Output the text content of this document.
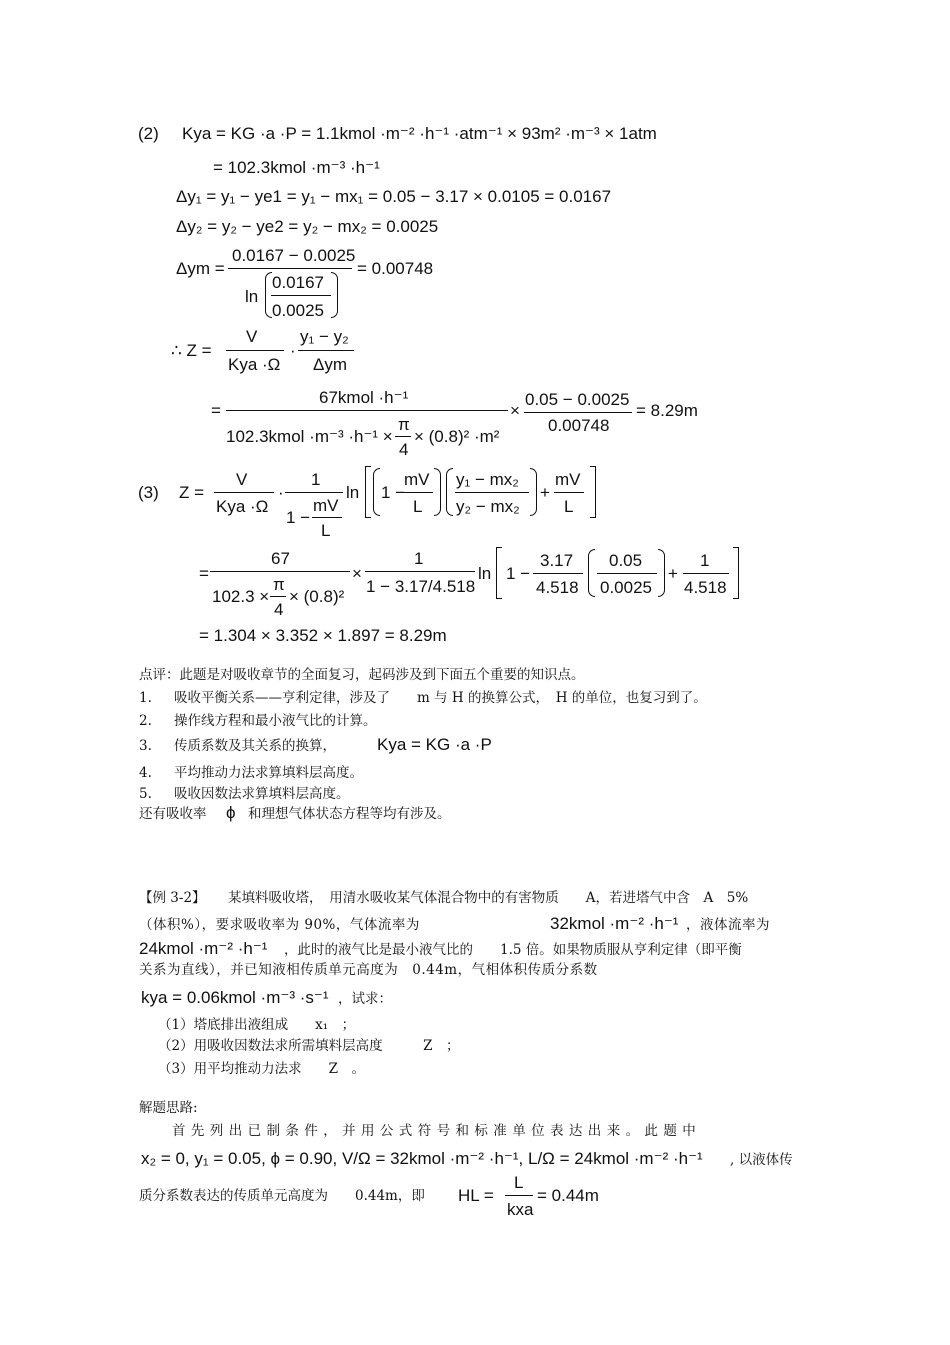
(2) Kya = KG ·a ·P = 1.1kmol ·m⁻² ·h⁻¹ ·atm⁻¹ × 93m² ·m⁻³ × 1atm
= 102.3kmol ·m⁻³ ·h⁻¹
Δy₁ = y₁ − ye1 = y₁ − mx₁ = 0.05 − 3.17 × 0.0105 = 0.0167
Δy₂ = y₂ − ye2 = y₂ − mx₂ = 0.0025
Δym =
0.0167 − 0.0025
ln
0.0167
0.0025
= 0.00748
∴ Z =
V
Kya ·Ω
·
y₁ − y₂
Δym
=
67kmol ·h⁻¹
102.3kmol ·m⁻³ ·h⁻¹ ×
π
4
× (0.8)² ·m²
×
0.05 − 0.0025
0.00748
= 8.29m
(3) Z =
V
Kya ·Ω
·
1
1 −
mV
L
ln 1 −
mV
L
y₁ − mx₂
y₂ − mx₂
+
mV
L
=
67
102.3 ×
π
4
× (0.8)²
×
1
1 − 3.17/4.518
ln 1 −
3.17
4.518
0.05
0.0025
+
1
4.518
= 1.304 × 3.352 × 1.897 = 8.29m
点评：此题是对吸收章节的全面复习，起码涉及到下面五个重要的知识点。
1. 吸收平衡关系——亨利定律，涉及了　　m 与 H 的换算公式，　H 的单位，也复习到了。
2. 操作线方程和最小液气比的计算。
3. 传质系数及其关系的换算， Kya = KG ·a ·P
4. 平均推动力法求算填料层高度。
5. 吸收因数法求算填料层高度。
还有吸收率 ϕ 和理想气体状态方程等均有涉及。
【例 3-2】 某填料吸收塔，　用清水吸收某气体混合物中的有害物质　　A，若进塔气中含　A　5%
（体积%），要求吸收率为 90%，气体流率为	32kmol ·m⁻² ·h⁻¹ ，液体流率为
24kmol ·m⁻² ·h⁻¹ ，此时的液气比是最小液气比的　　1.5 倍。如果物质服从亨利定律（即平衡
关系为直线），并已知液相传质单元高度为　0.44m，气相体积传质分系数
kya = 0.06kmol ·m⁻³ ·s⁻¹ ，试求：
（1）塔底排出液组成　　x₁　；
（2）用吸收因数法求所需填料层高度　　　Z　；
（3）用平均推动力法求　　Z　。
解题思路:
首先列出已制条件，并用公式符号和标准单位表达出来。此题中
x₂ = 0, y₁ = 0.05, ϕ = 0.90, V/Ω = 32kmol ·m⁻² ·h⁻¹, L/Ω = 24kmol ·m⁻² ·h⁻¹ , 以液体传
质分系数表达的传质单元高度为　　0.44m，即 HL =
L
kxa
= 0.44m
